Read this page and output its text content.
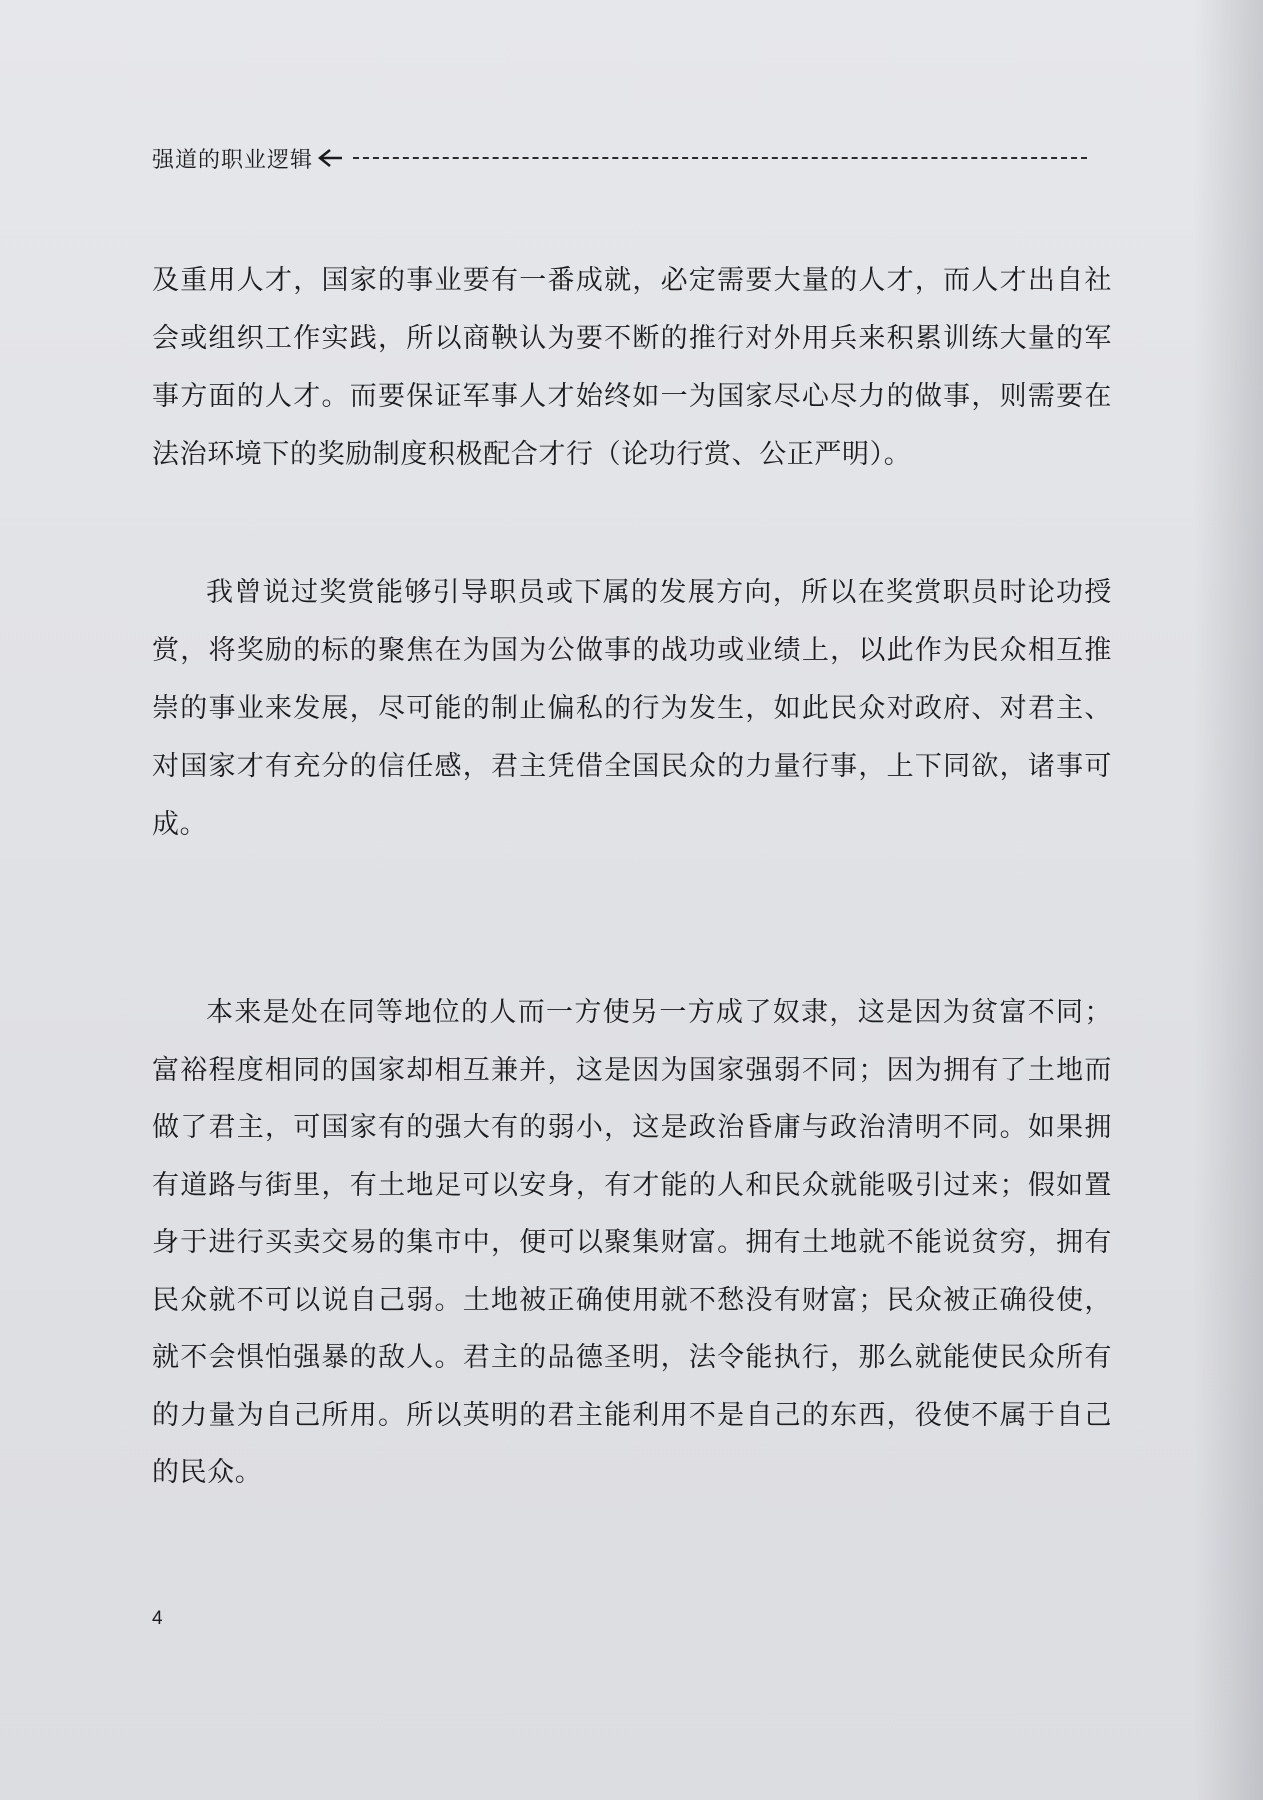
强道的职业逻辑

及重用人才，国家的事业要有一番成就，必定需要大量的人才，而人才出自社会或组织工作实践，所以商鞅认为要不断的推行对外用兵来积累训练大量的军事方面的人才。而要保证军事人才始终如一为国家尽心尽力的做事，则需要在法治环境下的奖励制度积极配合才行（论功行赏、公正严明）。

我曾说过奖赏能够引导职员或下属的发展方向，所以在奖赏职员时论功授赏，将奖励的标的聚焦在为国为公做事的战功或业绩上，以此作为民众相互推崇的事业来发展，尽可能的制止偏私的行为发生，如此民众对政府、对君主、对国家才有充分的信任感，君主凭借全国民众的力量行事，上下同欲，诸事可成。

本来是处在同等地位的人而一方使另一方成了奴隶，这是因为贫富不同；富裕程度相同的国家却相互兼并，这是因为国家强弱不同；因为拥有了土地而做了君主，可国家有的强大有的弱小，这是政治昏庸与政治清明不同。如果拥有道路与街里，有土地足可以安身，有才能的人和民众就能吸引过来；假如置身于进行买卖交易的集市中，便可以聚集财富。拥有土地就不能说贫穷，拥有民众就不可以说自己弱。土地被正确使用就不愁没有财富；民众被正确役使，就不会惧怕强暴的敌人。君主的品德圣明，法令能执行，那么就能使民众所有的力量为自己所用。所以英明的君主能利用不是自己的东西，役使不属于自己的民众。

4
